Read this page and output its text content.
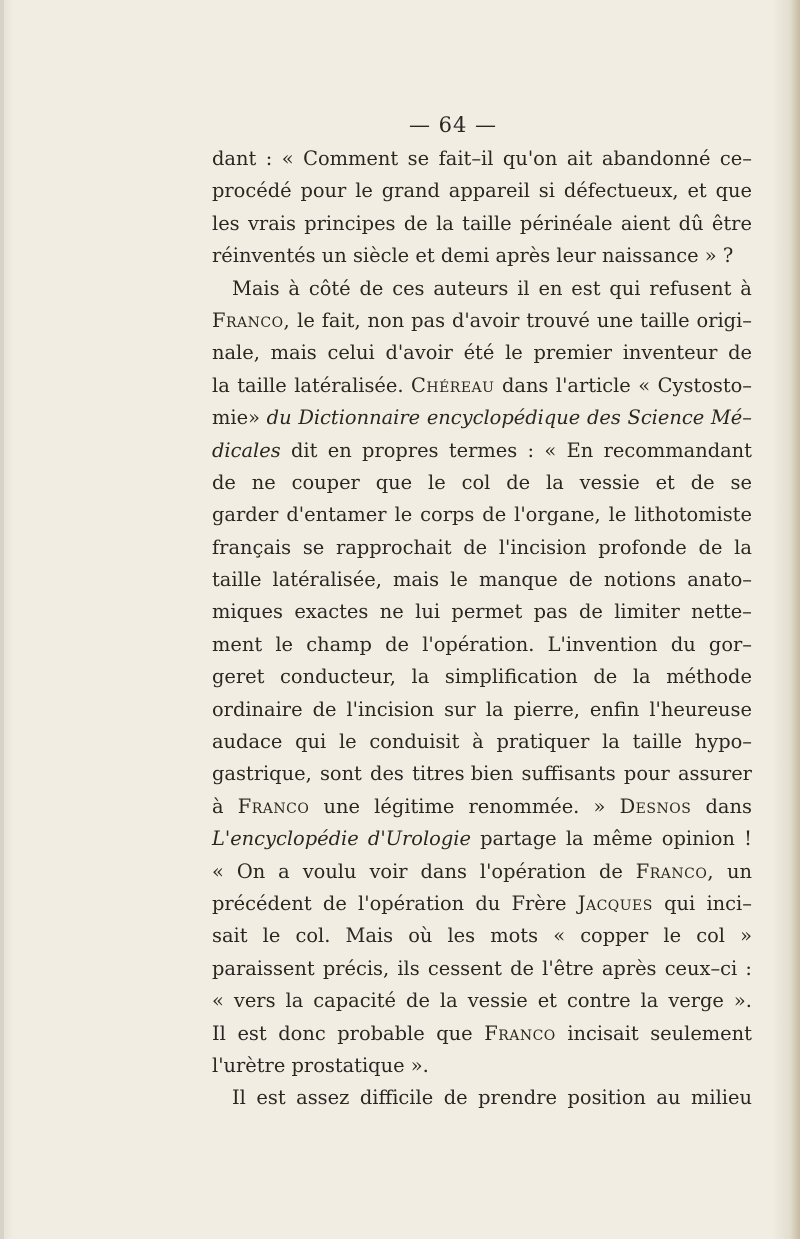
— 64 —
dant : « Comment se fait–il qu'on ait abandonné ce–
procédé pour le grand appareil si défectueux, et que
les vrais principes de la taille périnéale aient dû être
réinventés un siècle et demi après leur naissance » ?
Mais à côté de ces auteurs il en est qui refusent à
Franco, le fait, non pas d'avoir trouvé une taille origi–
nale, mais celui d'avoir été le premier inventeur de
la taille latéralisée. Chéreau dans l'article « Cystosto–
mie» du Dictionnaire encyclopédique des Science Mé–
dicales dit en propres termes : « En recommandant
de ne couper que le col de la vessie et de se
garder d'entamer le corps de l'organe, le lithotomiste
français se rapprochait de l'incision profonde de la
taille latéralisée, mais le manque de notions anato–
miques exactes ne lui permet pas de limiter nette–
ment le champ de l'opération. L'invention du gor–
geret conducteur, la simplification de la méthode
ordinaire de l'incision sur la pierre, enfin l'heureuse
audace qui le conduisit à pratiquer la taille hypo–
gastrique, sont des titres bien suffisants pour assurer
à Franco une légitime renommée. » Desnos dans
L'encyclopédie d'Urologie partage la même opinion !
« On a voulu voir dans l'opération de Franco, un
précédent de l'opération du Frère Jacques qui inci–
sait le col. Mais où les mots « copper le col »
paraissent précis, ils cessent de l'être après ceux–ci :
« vers la capacité de la vessie et contre la verge ».
Il est donc probable que Franco incisait seulement
l'urètre prostatique ».
Il est assez difficile de prendre position au milieu
